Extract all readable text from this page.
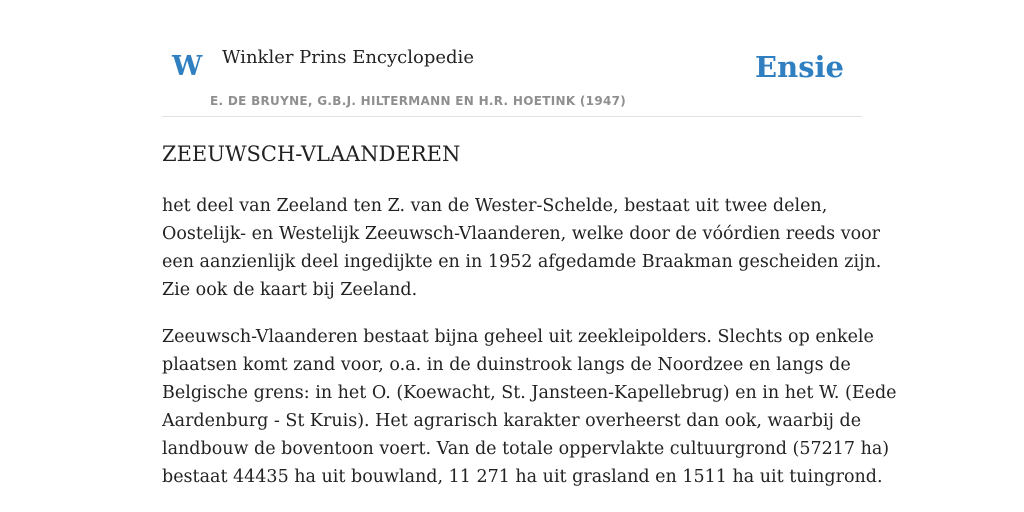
W Winkler Prins Encyclopedie
E. DE BRUYNE, G.B.J. HILTERMANN EN H.R. HOETINK (1947)
Ensie
ZEEUWSCH-VLAANDEREN

het deel van Zeeland ten Z. van de Wester-Schelde, bestaat uit twee delen,
Oostelijk- en Westelijk Zeeuwsch-Vlaanderen, welke door de vóórdien reeds voor
een aanzienlijk deel ingedijkte en in 1952 afgedamde Braakman gescheiden zijn.
Zie ook de kaart bij Zeeland.

Zeeuwsch-Vlaanderen bestaat bijna geheel uit zeekleipolders. Slechts op enkele
plaatsen komt zand voor, o.a. in de duinstrook langs de Noordzee en langs de
Belgische grens: in het O. (Koewacht, St. Jansteen-Kapellebrug) en in het W. (Eede
Aardenburg - St Kruis). Het agrarisch karakter overheerst dan ook, waarbij de
landbouw de boventoon voert. Van de totale oppervlakte cultuurgrond (57217 ha)
bestaat 44435 ha uit bouwland, 11 271 ha uit grasland en 1511 ha uit tuingrond.
